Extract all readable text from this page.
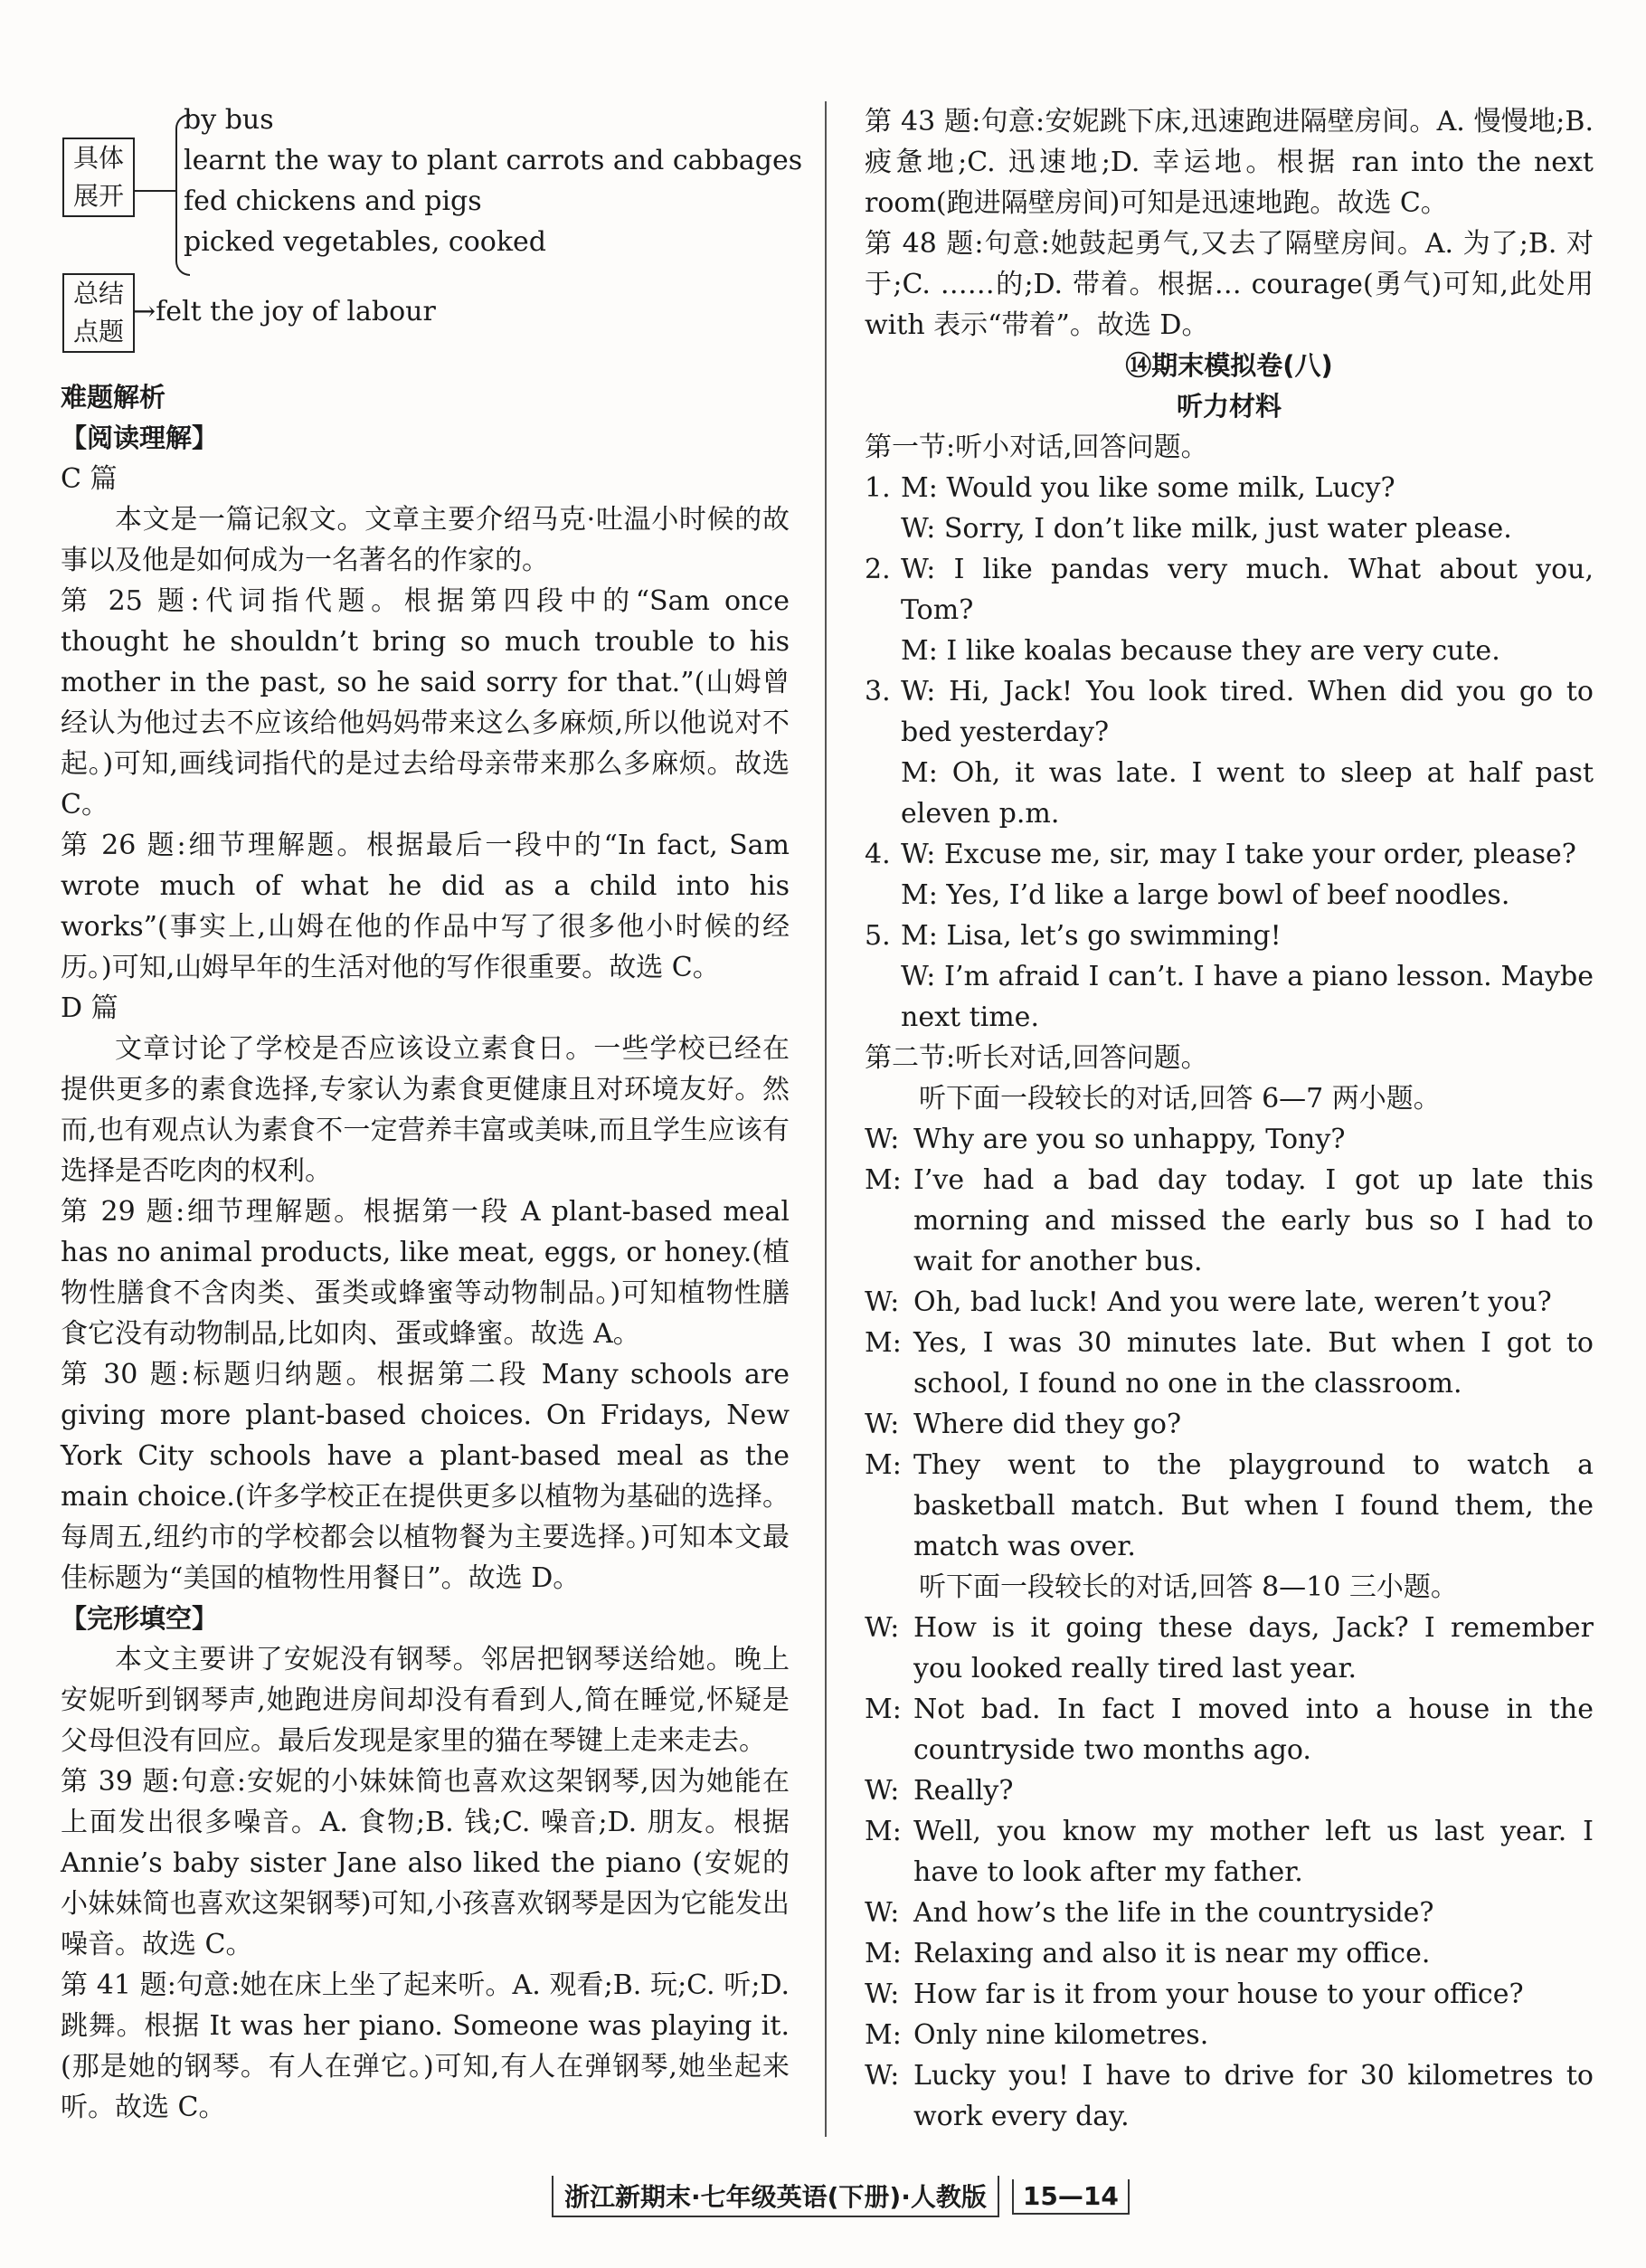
具体展开
by bus
learnt the way to plant carrots and cabbages
fed chickens and pigs
picked vegetables, cooked
总结点题
→felt the joy of labour

难题解析

【阅读理解】

C 篇

本文是一篇记叙文。文章主要介绍马克·吐温小时候的故事以及他是如何成为一名著名的作家的。

第 25 题:代词指代题。根据第四段中的“Sam once thought he shouldn’t bring so much trouble to his mother in the past, so he said sorry for that.”(山姆曾经认为他过去不应该给他妈妈带来这么多麻烦,所以他说对不起。)可知,画线词指代的是过去给母亲带来那么多麻烦。故选 C。

第 26 题:细节理解题。根据最后一段中的“In fact, Sam wrote much of what he did as a child into his works”(事实上,山姆在他的作品中写了很多他小时候的经历。)可知,山姆早年的生活对他的写作很重要。故选 C。

D 篇

文章讨论了学校是否应该设立素食日。一些学校已经在提供更多的素食选择,专家认为素食更健康且对环境友好。然而,也有观点认为素食不一定营养丰富或美味,而且学生应该有选择是否吃肉的权利。

第 29 题:细节理解题。根据第一段 A plant-based meal has no animal products, like meat, eggs, or honey.(植物性膳食不含肉类、蛋类或蜂蜜等动物制品。)可知植物性膳食它没有动物制品,比如肉、蛋或蜂蜜。故选 A。

第 30 题:标题归纳题。根据第二段 Many schools are giving more plant-based choices. On Fridays, New York City schools have a plant-based meal as the main choice.(许多学校正在提供更多以植物为基础的选择。每周五,纽约市的学校都会以植物餐为主要选择。)可知本文最佳标题为“美国的植物性用餐日”。故选 D。

【完形填空】

本文主要讲了安妮没有钢琴。邻居把钢琴送给她。晚上安妮听到钢琴声,她跑进房间却没有看到人,简在睡觉,怀疑是父母但没有回应。最后发现是家里的猫在琴键上走来走去。

第 39 题:句意:安妮的小妹妹简也喜欢这架钢琴,因为她能在上面发出很多噪音。A. 食物;B. 钱;C. 噪音;D. 朋友。根据 Annie’s baby sister Jane also liked the piano (安妮的小妹妹简也喜欢这架钢琴)可知,小孩喜欢钢琴是因为它能发出噪音。故选 C。

第 41 题:句意:她在床上坐了起来听。A. 观看;B. 玩;C. 听;D. 跳舞。根据 It was her piano. Someone was playing it.(那是她的钢琴。有人在弹它。)可知,有人在弹钢琴,她坐起来听。故选 C。

第 43 题:句意:安妮跳下床,迅速跑进隔壁房间。A. 慢慢地;B. 疲惫地;C. 迅速地;D. 幸运地。根据 ran into the next room(跑进隔壁房间)可知是迅速地跑。故选 C。

第 48 题:句意:她鼓起勇气,又去了隔壁房间。A. 为了;B. 对于;C. ……的;D. 带着。根据… courage(勇气)可知,此处用 with 表示“带着”。故选 D。

⑭期末模拟卷(八)

听力材料

第一节:听小对话,回答问题。

1. M: Would you like some milk, Lucy?
W: Sorry, I don’t like milk, just water please.
2. W: I like pandas very much. What about you, Tom?
M: I like koalas because they are very cute.
3. W: Hi, Jack! You look tired. When did you go to bed yesterday?
M: Oh, it was late. I went to sleep at half past eleven p.m.
4. W: Excuse me, sir, may I take your order, please?
M: Yes, I’d like a large bowl of beef noodles.
5. M: Lisa, let’s go swimming!
W: I’m afraid I can’t. I have a piano lesson. Maybe next time.

第二节:听长对话,回答问题。

听下面一段较长的对话,回答 6—7 两小题。

W: Why are you so unhappy, Tony?
M: I’ve had a bad day today. I got up late this morning and missed the early bus so I had to wait for another bus.
W: Oh, bad luck! And you were late, weren’t you?
M: Yes, I was 30 minutes late. But when I got to school, I found no one in the classroom.
W: Where did they go?
M: They went to the playground to watch a basketball match. But when I found them, the match was over.

听下面一段较长的对话,回答 8—10 三小题。

W: How is it going these days, Jack? I remember you looked really tired last year.
M: Not bad. In fact I moved into a house in the countryside two months ago.
W: Really?
M: Well, you know my mother left us last year. I have to look after my father.
W: And how’s the life in the countryside?
M: Relaxing and also it is near my office.
W: How far is it from your house to your office?
M: Only nine kilometres.
W: Lucky you! I have to drive for 30 kilometres to work every day.
浙江新期末·七年级英语(下册)·人教版	15—14
